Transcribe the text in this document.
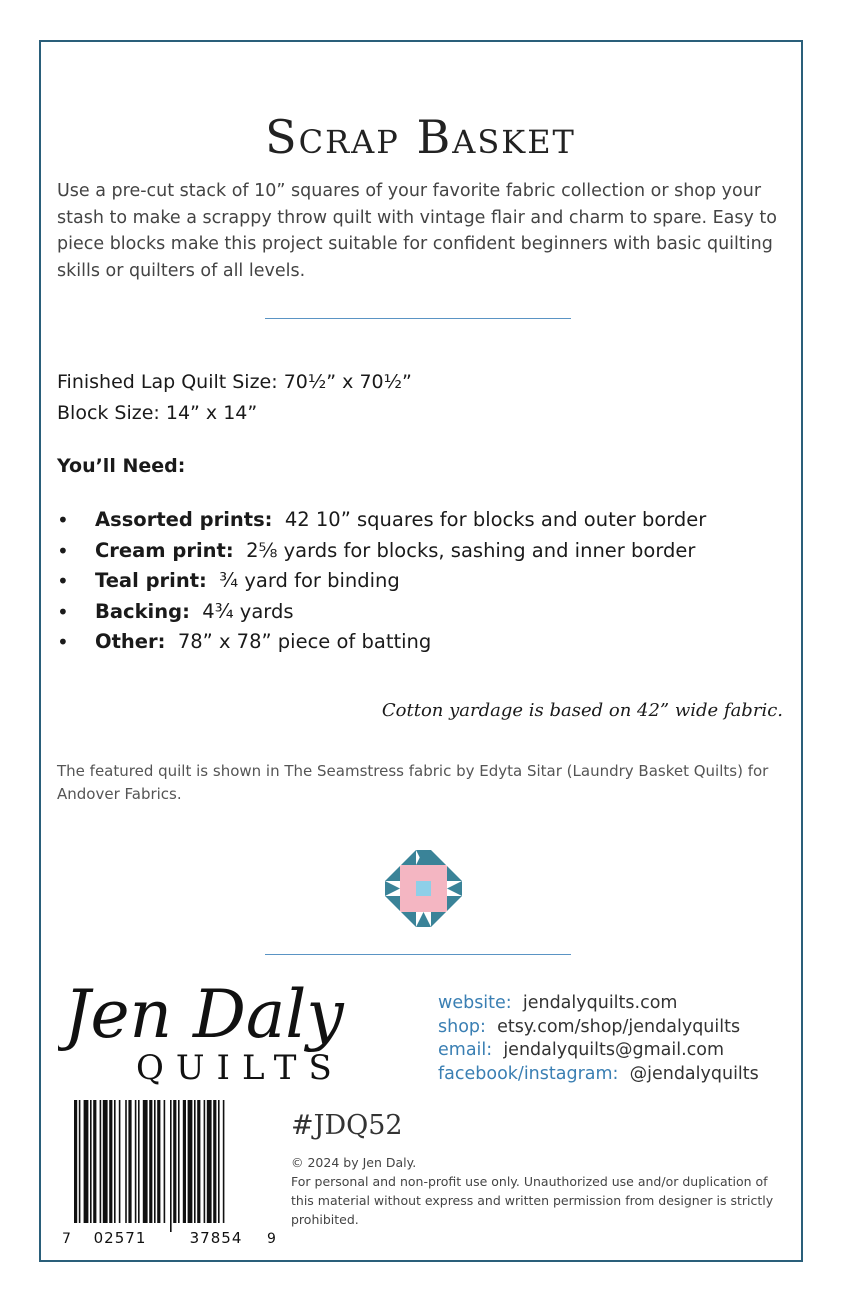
Scrap Basket
Use a pre-cut stack of 10” squares of your favorite fabric collection or shop your stash to make a scrappy throw quilt with vintage flair and charm to spare. Easy to piece blocks make this project suitable for confident beginners with basic quilting skills or quilters of all levels.
Finished Lap Quilt Size: 70½” x 70½”
Block Size: 14” x 14”
You’ll Need:
• Assorted prints: 42 10” squares for blocks and outer border
• Cream print: 2⅝ yards for blocks, sashing and inner border
• Teal print: ¾ yard for binding
• Backing: 4¾ yards
• Other: 78” x 78” piece of batting
Cotton yardage is based on 42” wide fabric.
The featured quilt is shown in The Seamstress fabric by Edyta Sitar (Laundry Basket Quilts) for Andover Fabrics.
Jen Daly
QUILTS
website: jendalyquilts.com
shop: etsy.com/shop/jendalyquilts
email: jendalyquilts@gmail.com
facebook/instagram: @jendalyquilts
7 02571	37854 9
#JDQ52
© 2024 by Jen Daly.
For personal and non-profit use only. Unauthorized use and/or duplication of this material without express and written permission from designer is strictly prohibited.
